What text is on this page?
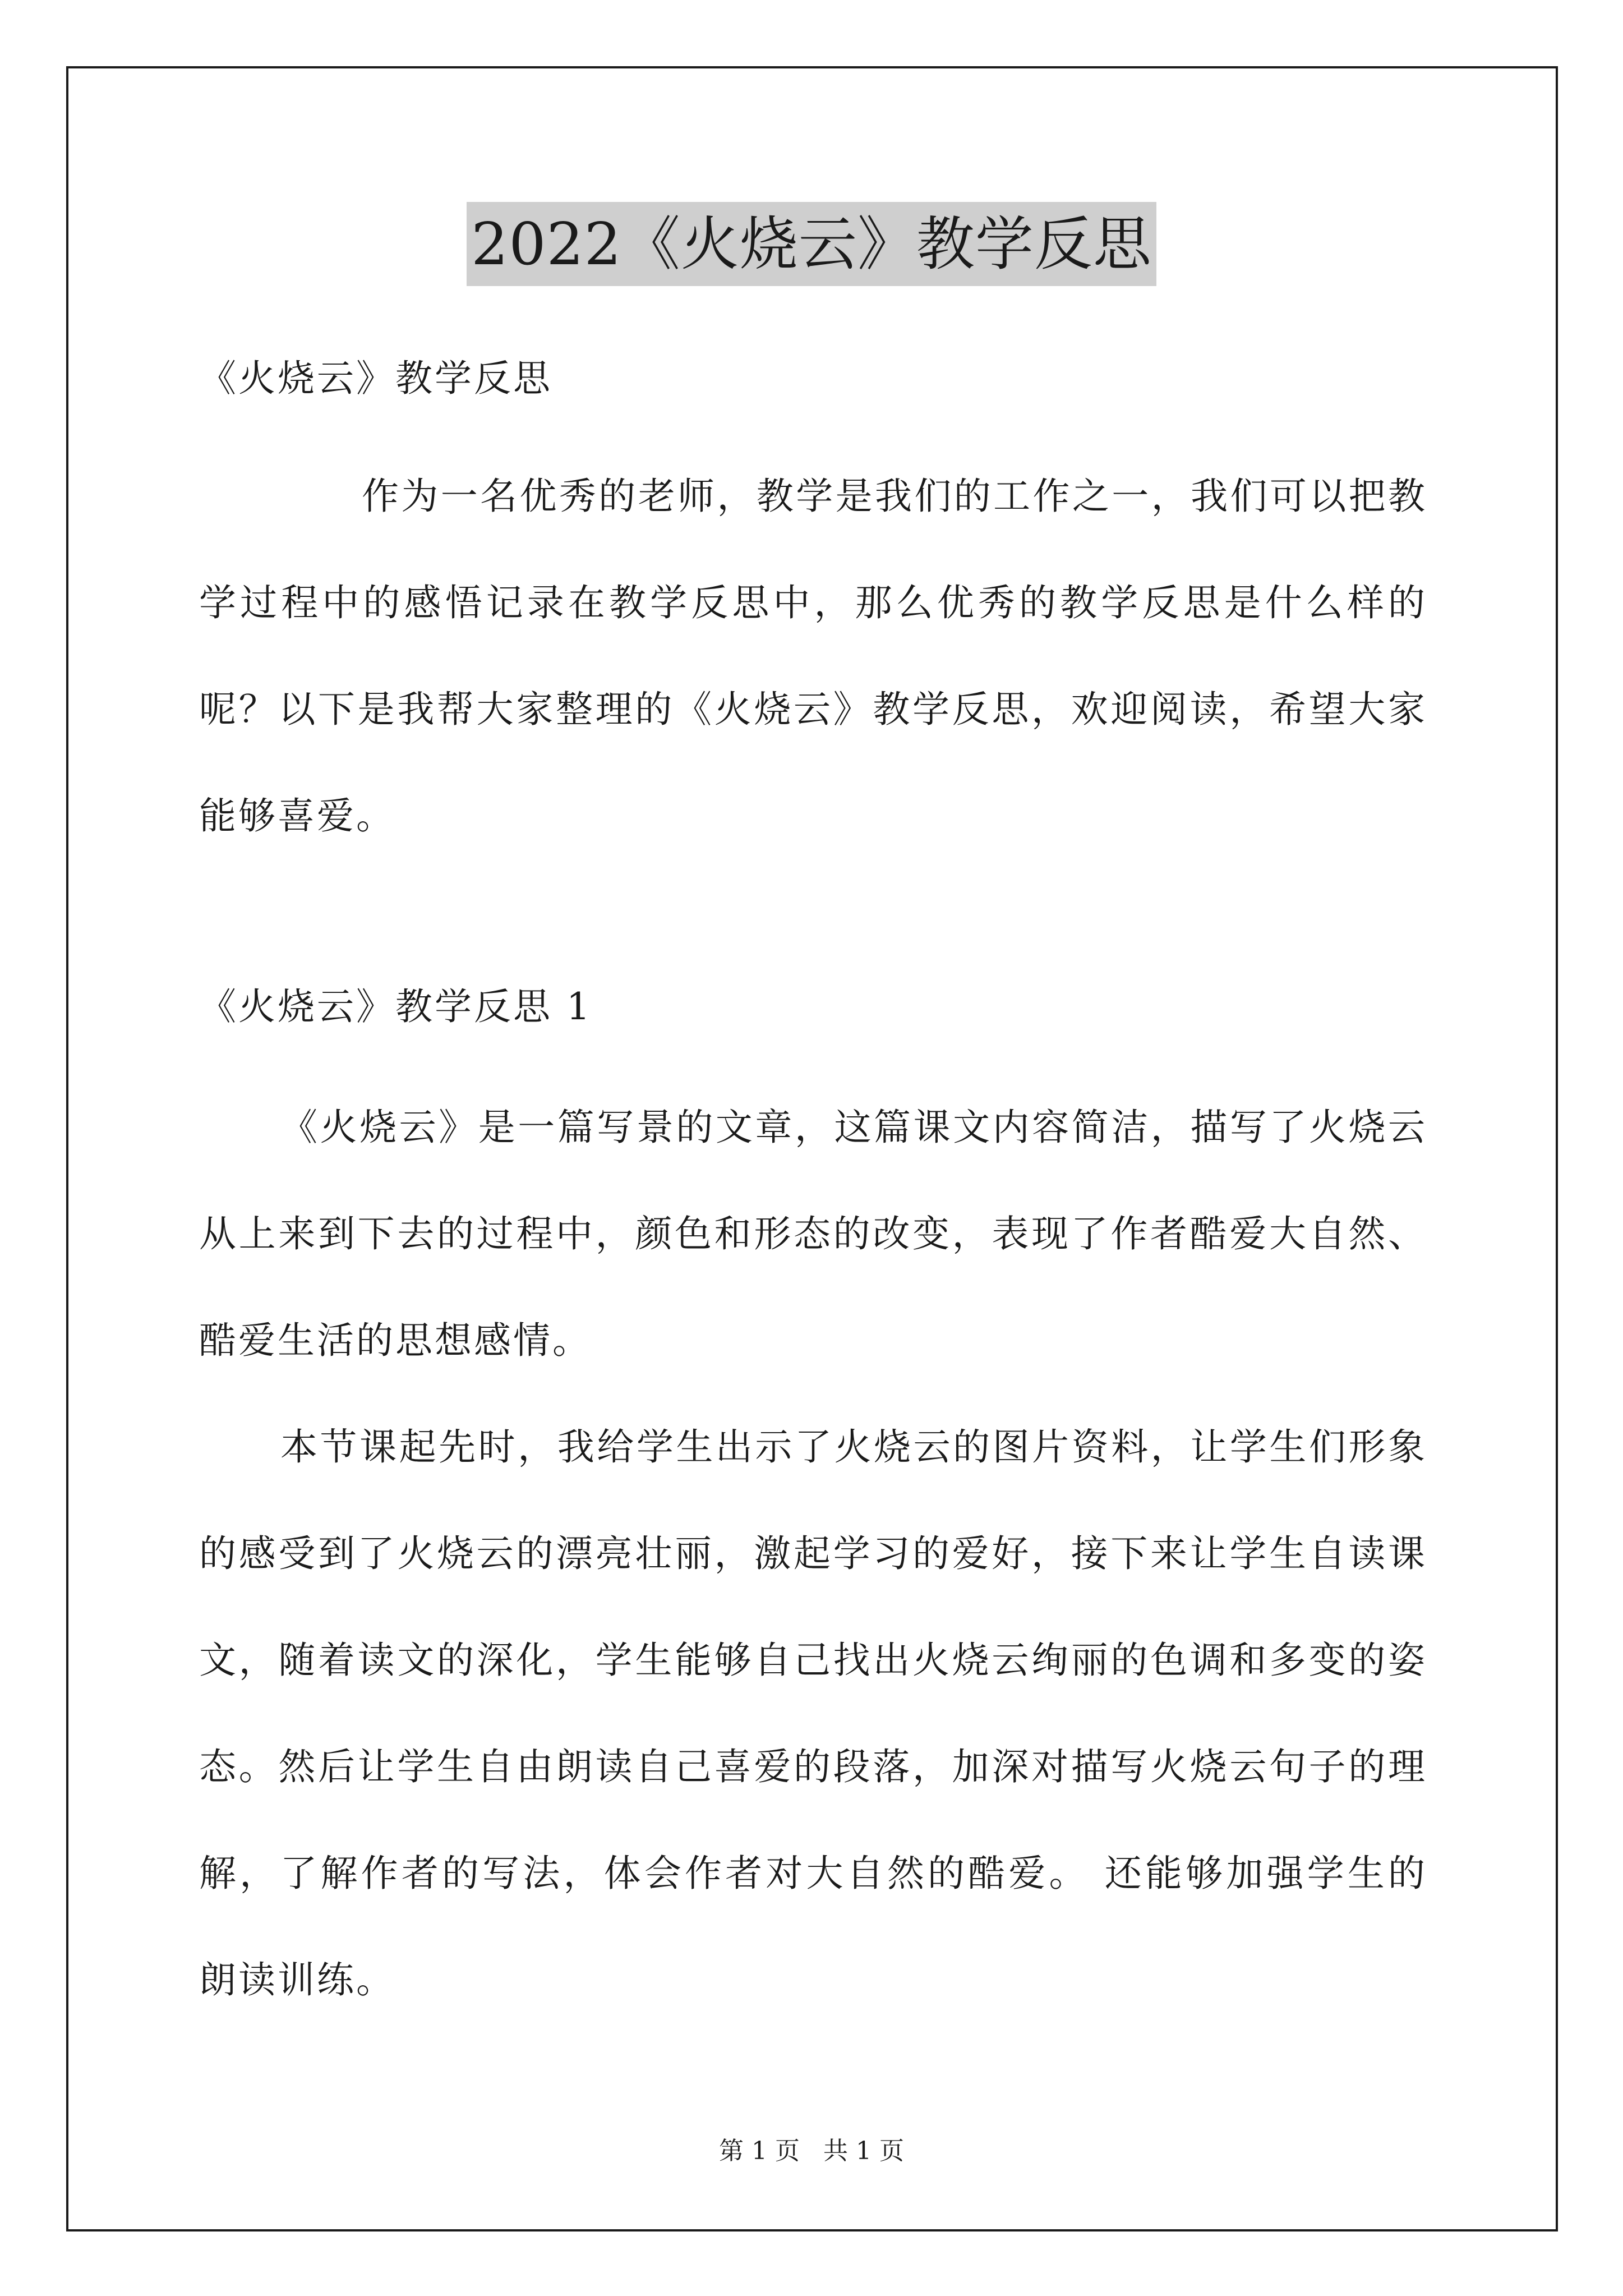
2022《火烧云》教学反思
《火烧云》教学反思
作为一名优秀的老师，教学是我们的工作之一，我们可以把教学过程中的感悟记录在教学反思中，那么优秀的教学反思是什么样的呢？以下是我帮大家整理的《火烧云》教学反思，欢迎阅读，希望大家能够喜爱。
《火烧云》教学反思 1
《火烧云》是一篇写景的文章，这篇课文内容简洁，描写了火烧云从上来到下去的过程中，颜色和形态的改变，表现了作者酷爱大自然、酷爱生活的思想感情。
本节课起先时，我给学生出示了火烧云的图片资料，让学生们形象的感受到了火烧云的漂亮壮丽，激起学习的爱好，接下来让学生自读课文，随着读文的深化，学生能够自己找出火烧云绚丽的色调和多变的姿态。然后让学生自由朗读自己喜爱的段落，加深对描写火烧云句子的理解，了解作者的写法，体会作者对大自然的酷爱。 还能够加强学生的朗读训练。
第 1 页   共 1 页
